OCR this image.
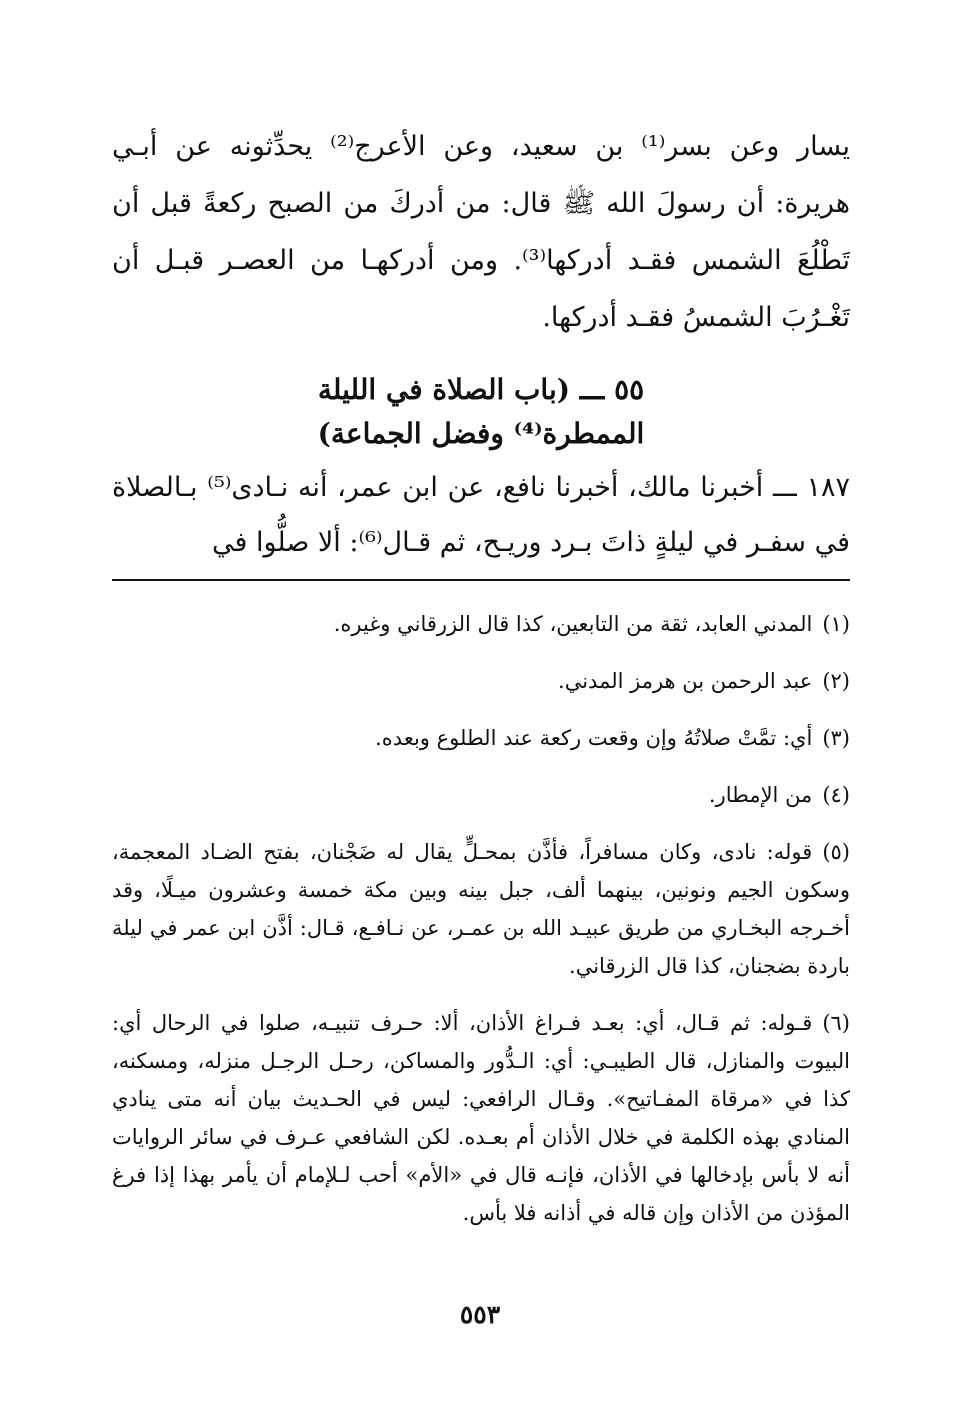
يسار وعن بسر⁽¹⁾ بن سعيد، وعن الأعرج⁽²⁾ يحدِّثونه عن أبـي هريرة: أن رسولَ الله ﷺ قال: من أدركَ من الصبح ركعةً قبل أن تَطْلُعَ الشمس فقـد أدركها⁽³⁾. ومن أدركهـا من العصـر قبـل أن تَغْـرُبَ الشمسُ فقـد أدركها.

٥٥ ـــ (باب الصلاة في الليلة
الممطرة⁽⁴⁾ وفضل الجماعة)

١٨٧ ـــ أخبرنا مالك، أخبرنا نافع، عن ابن عمر، أنه نـادى⁽⁵⁾ بـالصلاة في سفـر في ليلةٍ ذاتَ بـرد وريـح، ثم قـال⁽⁶⁾: ألا صلُّوا في

(١)المدني العابد، ثقة من التابعين، كذا قال الزرقاني وغيره.

(٢)عبد الرحمن بن هرمز المدني.

(٣)أي: تمَّتْ صلاتُهُ وإن وقعت ركعة عند الطلوع وبعده.

(٤)من الإمطار.

(٥)قوله: نادى، وكان مسافراً، فأذَّن بمحـلٍّ يقال له ضَجْنان، بفتح الضـاد المعجمة، وسكون الجيم ونونين، بينهما ألف، جبل بينه وبين مكة خمسة وعشرون ميـلًا، وقد أخـرجه البخـاري من طريق عبيـد الله بن عمـر، عن نـافـع، قـال: أذَّن ابن عمر في ليلة باردة بضجنان، كذا قال الزرقاني.

(٦)قـوله: ثم قـال، أي: بعـد فـراغ الأذان، ألا: حـرف تنبيـه، صلوا في الرحال أي: البيوت والمنازل، قال الطيبـي: أي: الـدُّور والمساكن، رحـل الرجـل منزله، ومسكنه، كذا في «مرقاة المفـاتيح». وقـال الرافعي: ليس في الحـديث بيان أنه متى ينادي المنادي بهذه الكلمة في خلال الأذان أم بعـده. لكن الشافعي عـرف في سائر الروايات أنه لا بأس بإدخالها في الأذان، فإنـه قال في «الأم» أحب لـلإمام أن يأمر بهذا إذا فرغ المؤذن من الأذان وإن قاله في أذانه فلا بأس.

٥٥٣
